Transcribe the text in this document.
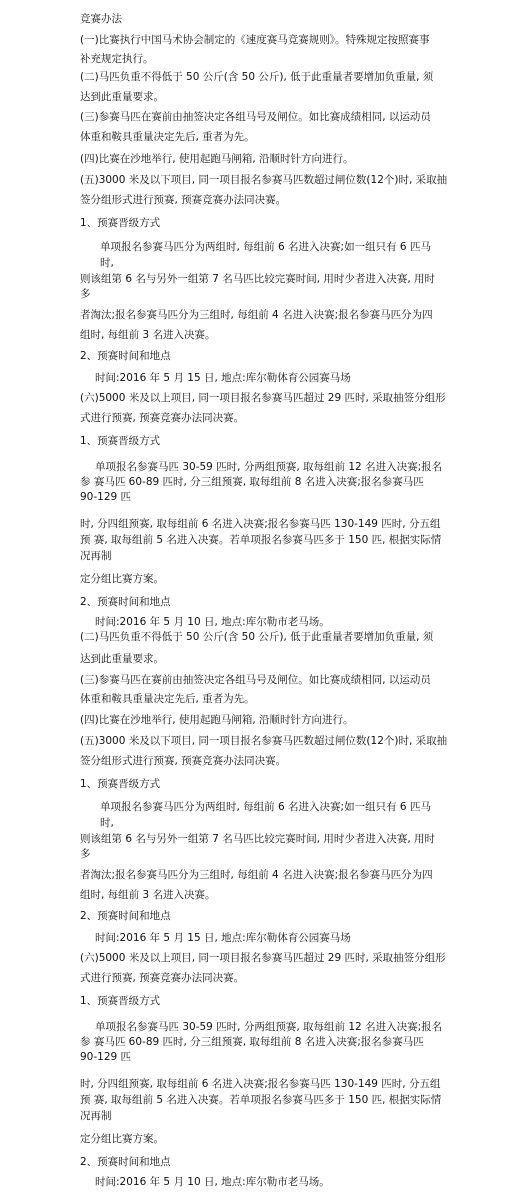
竞赛办法
(一)比赛执行中国马术协会制定的《速度赛马竞赛规则》。特殊规定按照赛事
补充规定执行。
(二)马匹负重不得低于 50 公斤(含 50 公斤), 低于此重量者要增加负重量, 须
达到此重量要求。
(三)参赛马匹在赛前由抽签决定各组马号及闸位。如比赛成绩相同, 以运动员
体重和鞍具重量决定先后, 重者为先。
(四)比赛在沙地举行, 使用起跑马闸箱, 沿顺时针方向进行。
(五)3000 米及以下项目, 同一项目报名参赛马匹数超过闸位数(12个)时, 采取抽
签分组形式进行预赛, 预赛竞赛办法同决赛。
1、预赛晋级方式
单项报名参赛马匹分为两组时, 每组前 6 名进入决赛;如一组只有 6 匹马
时,
则该组第 6 名与另外一组第 7 名马匹比较完赛时间, 用时少者进入决赛, 用时
多
者淘汰;报名参赛马匹分为三组时, 每组前 4 名进入决赛;报名参赛马匹分为四
组时, 每组前 3 名进入决赛。
2、预赛时间和地点
时间:2016 年 5 月 15 日, 地点:库尔勒体育公园赛马场
(六)5000 米及以上项目, 同一项目报名参赛马匹超过 29 匹时, 采取抽签分组形
式进行预赛, 预赛竞赛办法同决赛。
1、预赛晋级方式
单项报名参赛马匹 30-59 匹时, 分两组预赛, 取每组前 12 名进入决赛;报名
参 赛马匹 60-89 匹时, 分三组预赛, 取每组前 8 名进入决赛;报名参赛马匹
90-129 匹
时, 分四组预赛, 取每组前 6 名进入决赛;报名参赛马匹 130-149 匹时, 分五组
预 赛, 取每组前 5 名进入决赛。若单项报名参赛马匹多于 150 匹, 根据实际情
况再制
定分组比赛方案。
2、预赛时间和地点
时间:2016 年 5 月 10 日, 地点:库尔勒市老马场。
(二)马匹负重不得低于 50 公斤(含 50 公斤), 低于此重量者要增加负重量, 须
达到此重量要求。
(三)参赛马匹在赛前由抽签决定各组马号及闸位。如比赛成绩相同, 以运动员
体重和鞍具重量决定先后, 重者为先。
(四)比赛在沙地举行, 使用起跑马闸箱, 沿顺时针方向进行。
(五)3000 米及以下项目, 同一项目报名参赛马匹数超过闸位数(12个)时, 采取抽
签分组形式进行预赛, 预赛竞赛办法同决赛。
1、预赛晋级方式
单项报名参赛马匹分为两组时, 每组前 6 名进入决赛;如一组只有 6 匹马
时,
则该组第 6 名与另外一组第 7 名马匹比较完赛时间, 用时少者进入决赛, 用时
多
者淘汰;报名参赛马匹分为三组时, 每组前 4 名进入决赛;报名参赛马匹分为四
组时, 每组前 3 名进入决赛。
2、预赛时间和地点
时间:2016 年 5 月 15 日, 地点:库尔勒体育公园赛马场
(六)5000 米及以上项目, 同一项目报名参赛马匹超过 29 匹时, 采取抽签分组形
式进行预赛, 预赛竞赛办法同决赛。
1、预赛晋级方式
单项报名参赛马匹 30-59 匹时, 分两组预赛, 取每组前 12 名进入决赛;报名
参 赛马匹 60-89 匹时, 分三组预赛, 取每组前 8 名进入决赛;报名参赛马匹
90-129 匹
时, 分四组预赛, 取每组前 6 名进入决赛;报名参赛马匹 130-149 匹时, 分五组
预 赛, 取每组前 5 名进入决赛。若单项报名参赛马匹多于 150 匹, 根据实际情
况再制
定分组比赛方案。
2、预赛时间和地点
时间:2016 年 5 月 10 日, 地点:库尔勒市老马场。
